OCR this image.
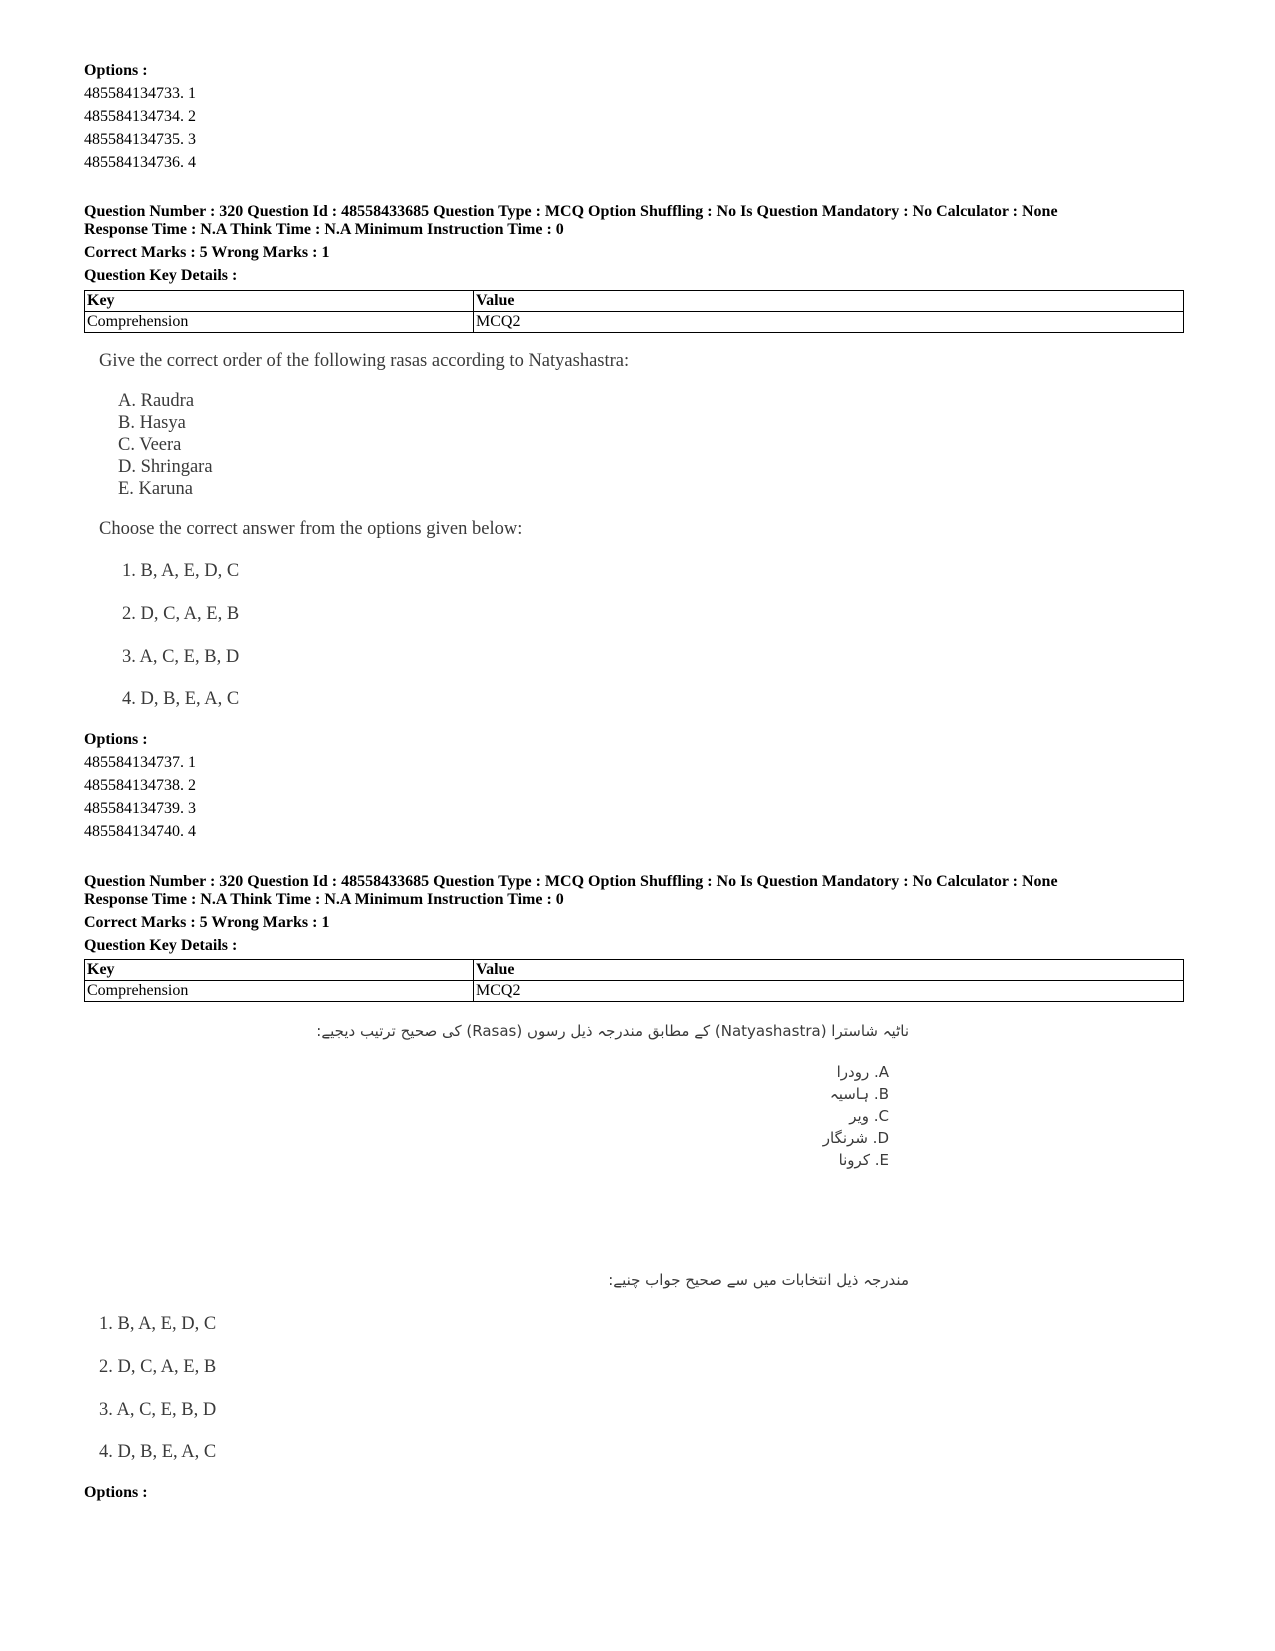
Options :
485584134733. 1
485584134734. 2
485584134735. 3
485584134736. 4
Question Number : 320 Question Id : 48558433685 Question Type : MCQ Option Shuffling : No Is Question Mandatory : No Calculator : None
Response Time : N.A Think Time : N.A Minimum Instruction Time : 0
Correct Marks : 5 Wrong Marks : 1
Question Key Details :
Key	Value
Comprehension	MCQ2
Give the correct order of the following rasas according to Natyashastra:
A. Raudra
B. Hasya
C. Veera
D. Shringara
E. Karuna
Choose the correct answer from the options given below:
1. B, A, E, D, C
2. D, C, A, E, B
3. A, C, E, B, D
4. D, B, E, A, C
Options :
485584134737. 1
485584134738. 2
485584134739. 3
485584134740. 4
Question Number : 320 Question Id : 48558433685 Question Type : MCQ Option Shuffling : No Is Question Mandatory : No Calculator : None
Response Time : N.A Think Time : N.A Minimum Instruction Time : 0
Correct Marks : 5 Wrong Marks : 1
Question Key Details :
Key	Value
Comprehension	MCQ2
ناٹیہ شاسترا (Natyashastra) کے مطابق مندرجہ ذیل رسوں (Rasas) کی صحیح ترتیب دیجیے:
A. رودرا
B. ہاسیہ
C. ویر
D. شرنگار
E. کرونا
مندرجہ ذیل انتخابات میں سے صحیح جواب چنیے:
1. B, A, E, D, C
2. D, C, A, E, B
3. A, C, E, B, D
4. D, B, E, A, C
Options :
